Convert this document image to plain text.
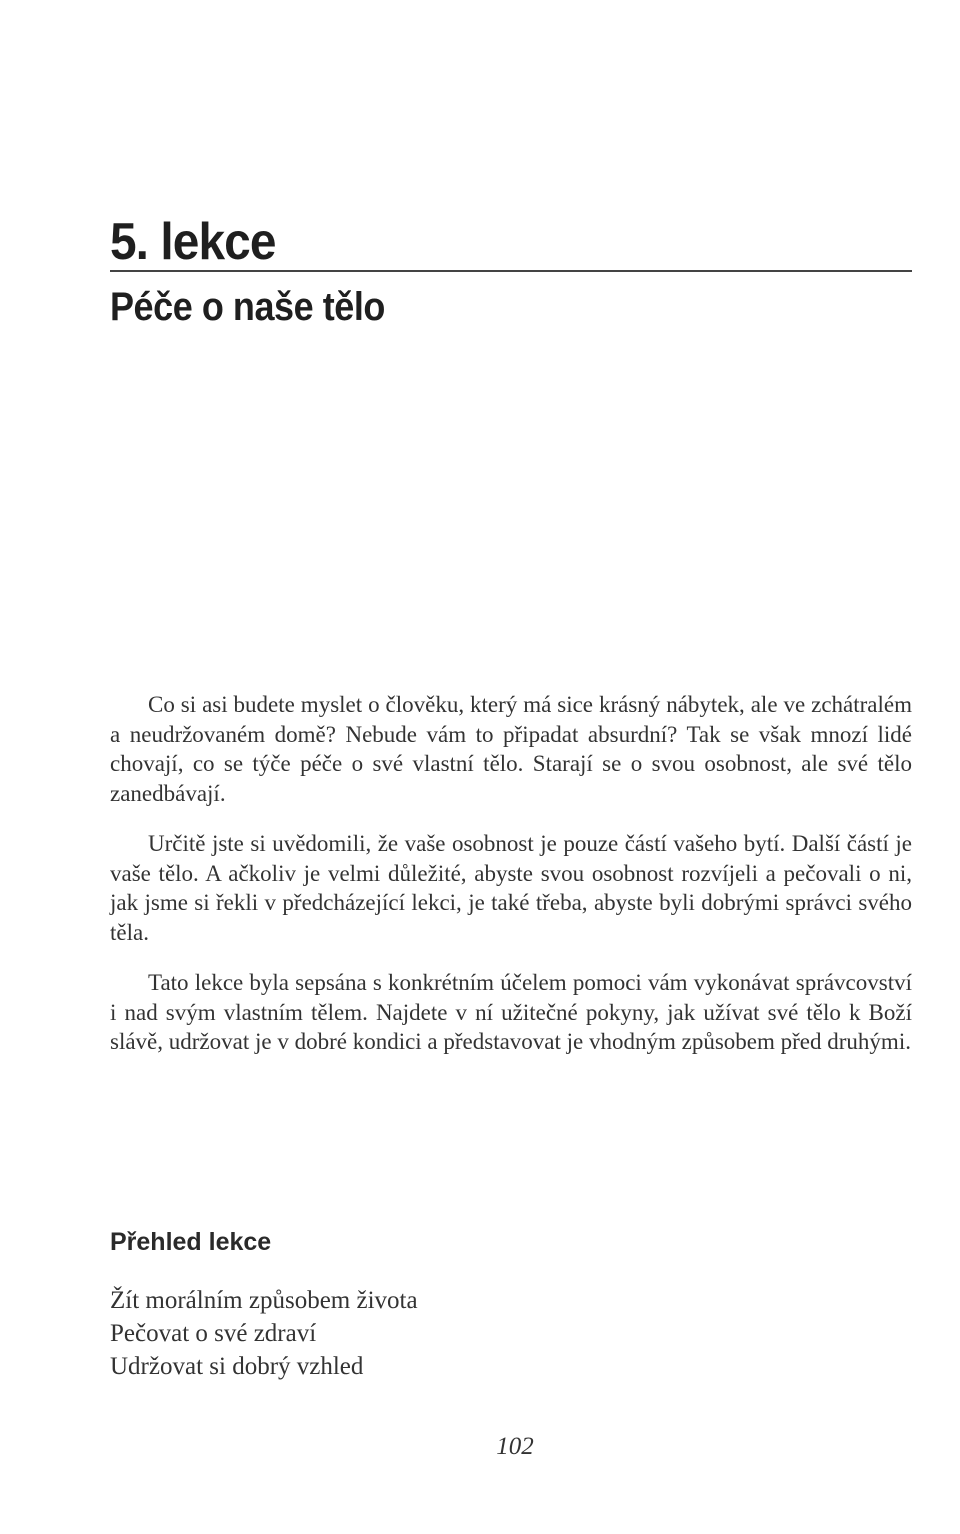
5. lekce
Péče o naše tělo

Co si asi budete myslet o člověku, který má sice krásný nábytek, ale ve zchátralém a neudržovaném domě? Nebude vám to připadat absurdní? Tak se však mnozí lidé chovají, co se týče péče o své vlastní tělo. Starají se o svou osobnost, ale své tělo zanedbávají.

Určitě jste si uvědomili, že vaše osobnost je pouze částí vašeho bytí. Další částí je vaše tělo. A ačkoliv je velmi důležité, abyste svou osobnost rozvíjeli a pečovali o ni, jak jsme si řekli v předcházející lekci, je také třeba, abyste byli dobrými správci svého těla.

Tato lekce byla sepsána s konkrétním účelem pomoci vám vykonávat správcovství i nad svým vlastním tělem. Najdete v ní užitečné pokyny, jak užívat své tělo k Boží slávě, udržovat je v dobré kondici a představovat je vhodným způsobem před druhými.

Přehled lekce
Žít morálním způsobem života
Pečovat o své zdraví
Udržovat si dobrý vzhled
102
